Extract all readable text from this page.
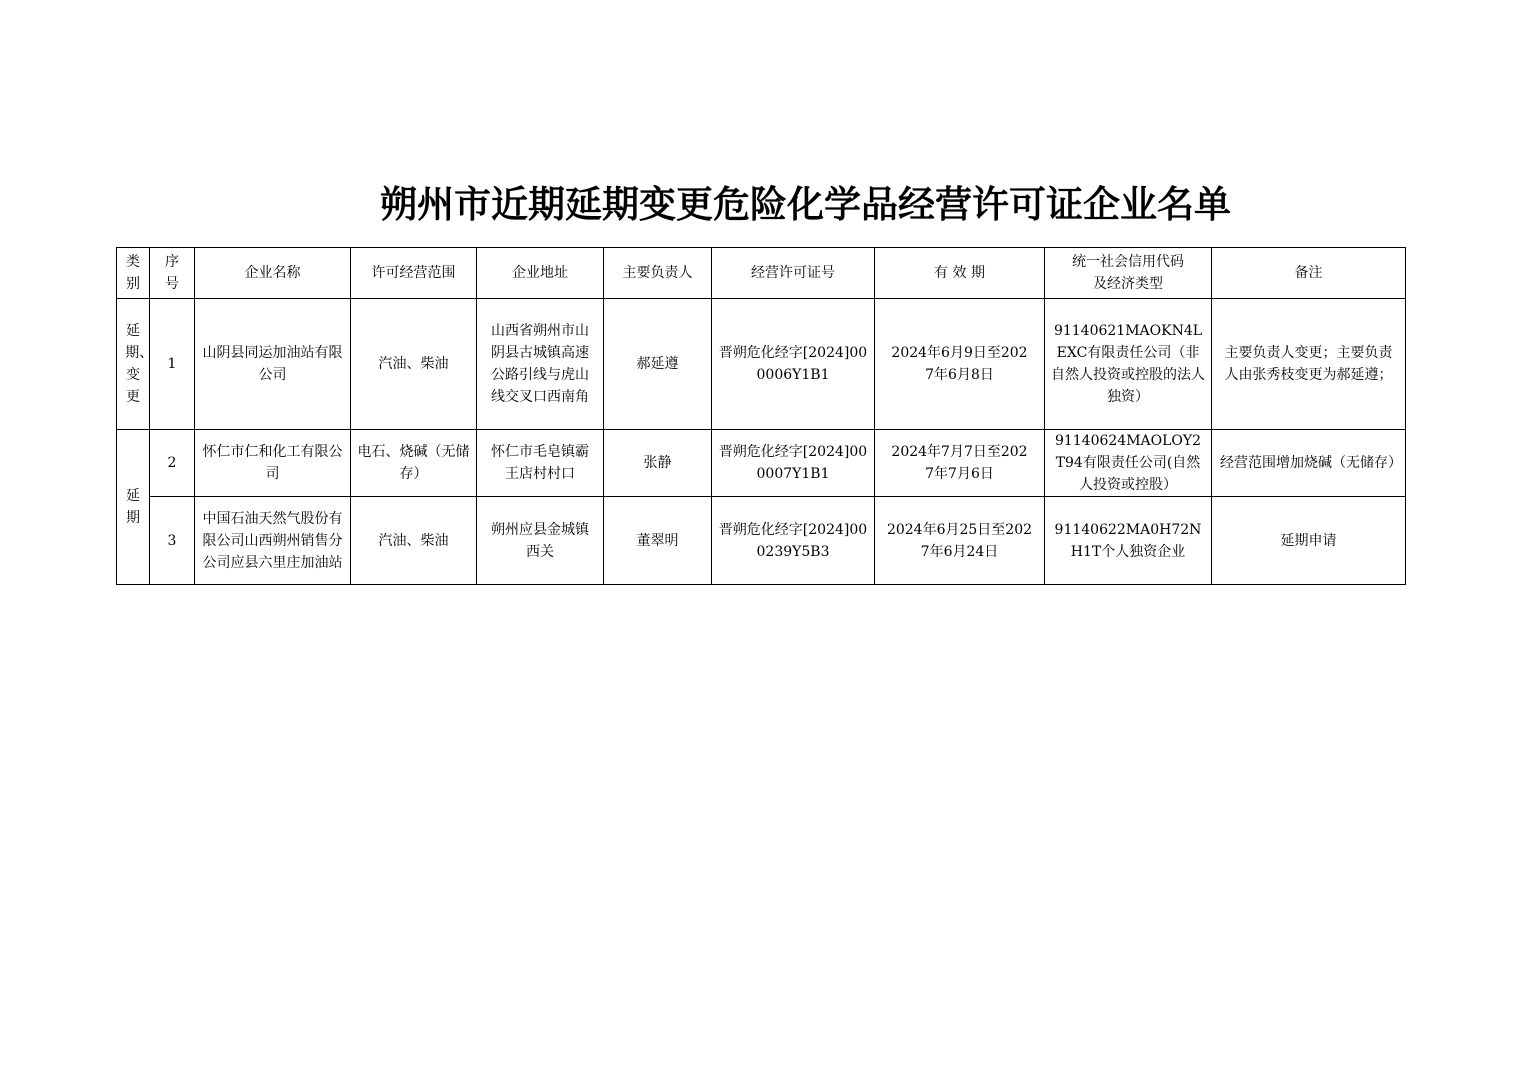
朔州市近期延期变更危险化学品经营许可证企业名单
类别	序号	企业名称	许可经营范围	企业地址	主要负责人	经营许可证号	有 效 期	统一社会信用代码及经济类型	备注
延期、变更	1	山阴县同运加油站有限公司	汽油、柴油	山西省朔州市山阴县古城镇高速公路引线与虎山线交叉口西南角	郝延遵	晋朔危化经字[2024]000006Y1B1	2024年6月9日至2027年6月8日	91140621MAOKN4LEXC有限责任公司（非自然人投资或控股的法人独资）	主要负责人变更；主要负责人由张秀枝变更为郝延遵；
延期	2	怀仁市仁和化工有限公司	电石、烧碱（无储存）	怀仁市毛皂镇霸王店村村口	张静	晋朔危化经字[2024]000007Y1B1	2024年7月7日至2027年7月6日	91140624MAOLOY2T94有限责任公司(自然人投资或控股）	经营范围增加烧碱（无储存）
	3	中国石油天然气股份有限公司山西朔州销售分公司应县六里庄加油站	汽油、柴油	朔州应县金城镇西关	董翠明	晋朔危化经字[2024]000239Y5B3	2024年6月25日至2027年6月24日	91140622MA0H72NH1T个人独资企业	延期申请
